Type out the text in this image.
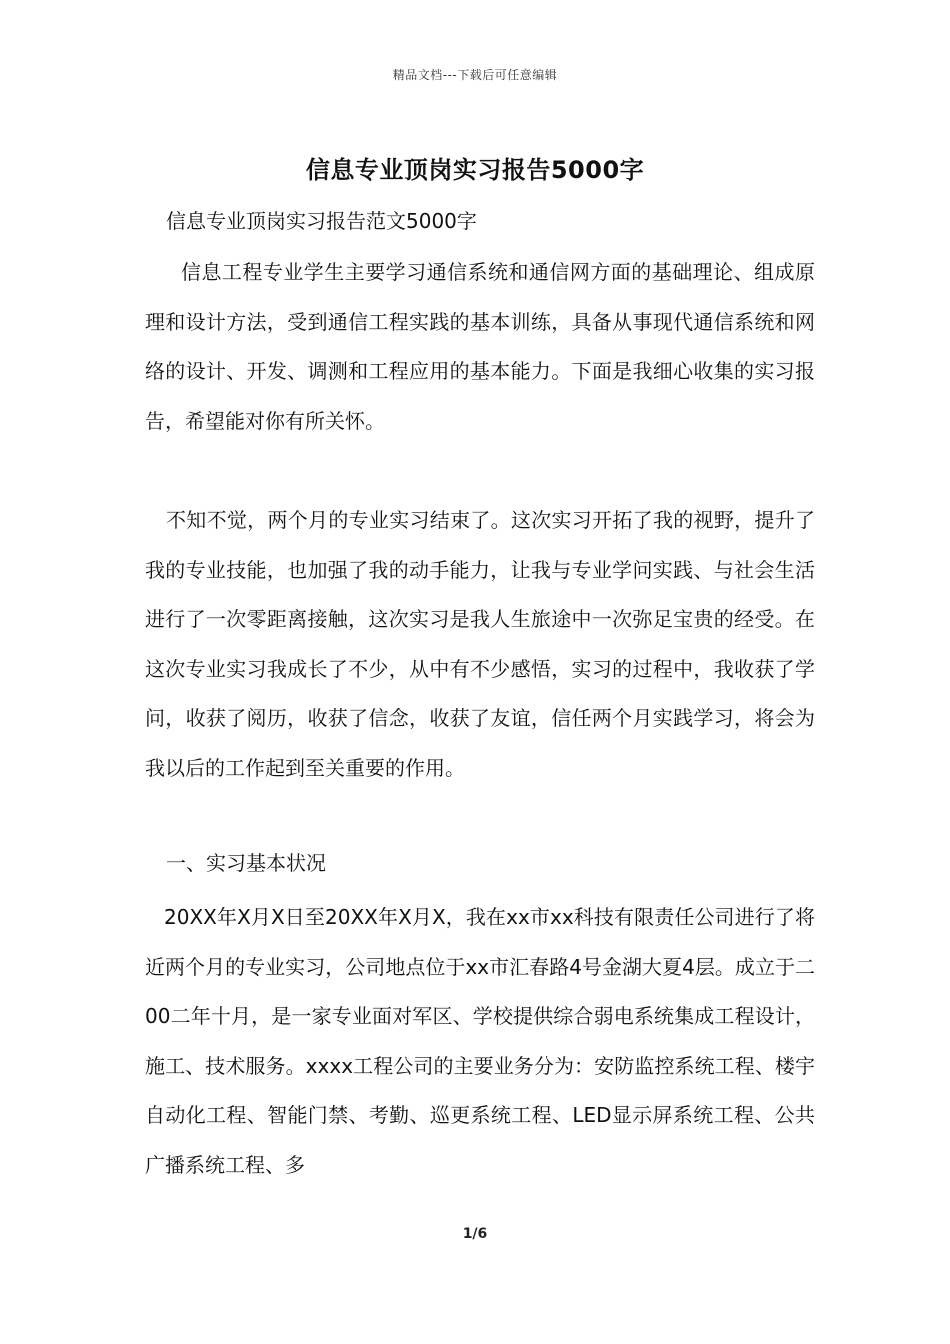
精品文档---下载后可任意编辑
信息专业顶岗实习报告5000字
信息专业顶岗实习报告范文5000字

信息工程专业学生主要学习通信系统和通信网方面的基础理论、组成原理和设计方法，受到通信工程实践的基本训练，具备从事现代通信系统和网络的设计、开发、调测和工程应用的基本能力。下面是我细心收集的实习报告，希望能对你有所关怀。

不知不觉，两个月的专业实习结束了。这次实习开拓了我的视野，提升了我的专业技能，也加强了我的动手能力，让我与专业学问实践、与社会生活进行了一次零距离接触，这次实习是我人生旅途中一次弥足宝贵的经受。在这次专业实习我成长了不少，从中有不少感悟，实习的过程中，我收获了学问，收获了阅历，收获了信念，收获了友谊，信任两个月实践学习，将会为我以后的工作起到至关重要的作用。

一、实习基本状况

20XX年X月X日至20XX年X月X，我在xx市xx科技有限责任公司进行了将近两个月的专业实习，公司地点位于xx市汇春路4号金湖大夏4层。成立于二00二年十月，是一家专业面对军区、学校提供综合弱电系统集成工程设计，施工、技术服务。xxxx工程公司的主要业务分为：安防监控系统工程、楼宇自动化工程、智能门禁、考勤、巡更系统工程、LED显示屏系统工程、公共广播系统工程、多

1/6
